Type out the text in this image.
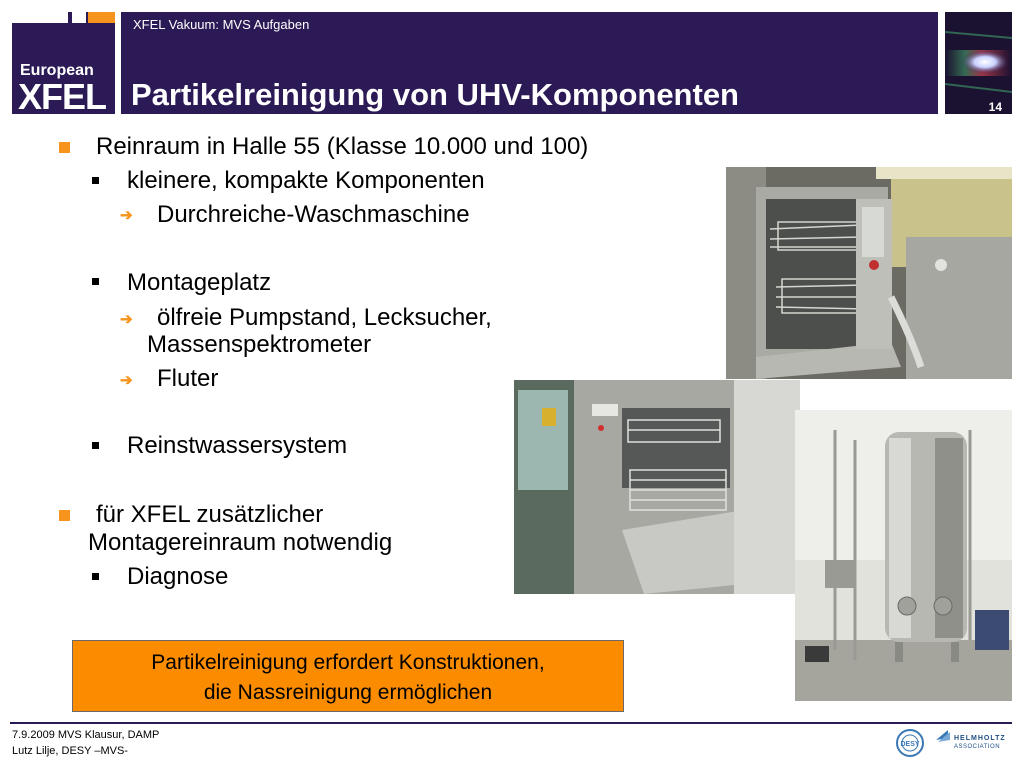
European
XFEL
XFEL Vakuum: MVS Aufgaben
Partikelreinigung von UHV-Komponenten	14
Reinraum in Halle 55 (Klasse 10.000 und 100)
kleinere, kompakte Komponenten
➔ Durchreiche-Waschmaschine
Montageplatz
➔ ölfreie Pumpstand, Lecksucher,
Massenspektrometer
➔ Fluter
Reinstwassersystem
für XFEL zusätzlicher
Montagereinraum notwendig
Diagnose
Partikelreinigung erfordert Konstruktionen,
die Nassreinigung ermöglichen
7.9.2009 MVS Klausur, DAMP
Lutz Lilje, DESY –MVS-
DESY
HELMHOLTZ
ASSOCIATION
